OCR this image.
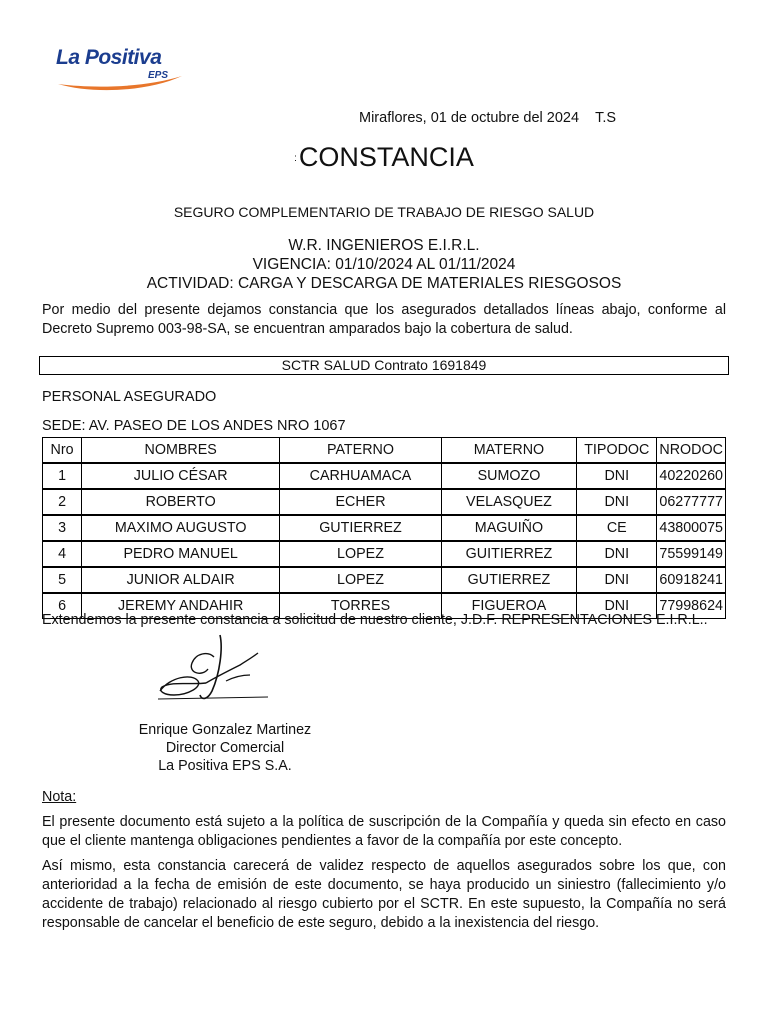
La Positiva
EPS
Miraflores, 01 de octubre del 2024 T.S
:CONSTANCIA
SEGURO COMPLEMENTARIO DE TRABAJO DE RIESGO SALUD
W.R. INGENIEROS E.I.R.L.
VIGENCIA: 01/10/2024 AL 01/11/2024
ACTIVIDAD: CARGA Y DESCARGA DE MATERIALES RIESGOSOS
Por medio del presente dejamos constancia que los asegurados detallados líneas abajo, conforme al Decreto Supremo 003-98-SA, se encuentran amparados bajo la cobertura de salud.
SCTR SALUD Contrato 1691849
PERSONAL ASEGURADO
SEDE: AV. PASEO DE LOS ANDES NRO 1067
Nro	NOMBRES	PATERNO	MATERNO	TIPODOC	NRODOC
1	JULIO CÉSAR	CARHUAMACA	SUMOZO	DNI	40220260
2	ROBERTO	ECHER	VELASQUEZ	DNI	06277777
3	MAXIMO AUGUSTO	GUTIERREZ	MAGUIÑO	CE	43800075
4	PEDRO MANUEL	LOPEZ	GUITIERREZ	DNI	75599149
5	JUNIOR ALDAIR	LOPEZ	GUTIERREZ	DNI	60918241
6	JEREMY ANDAHIR	TORRES	FIGUEROA	DNI	77998624
Extendemos la presente constancia a solicitud de nuestro cliente, J.D.F. REPRESENTACIONES E.I.R.L..
Enrique Gonzalez Martinez
Director Comercial
La Positiva EPS S.A.
Nota:
El presente documento está sujeto a la política de suscripción de la Compañía y queda sin efecto en caso que el cliente mantenga obligaciones pendientes a favor de la compañía por este concepto.
Así mismo, esta constancia carecerá de validez respecto de aquellos asegurados sobre los que, con anterioridad a la fecha de emisión de este documento, se haya producido un siniestro (fallecimiento y/o accidente de trabajo) relacionado al riesgo cubierto por el SCTR. En este supuesto, la Compañía no será responsable de cancelar el beneficio de este seguro, debido a la inexistencia del riesgo.
